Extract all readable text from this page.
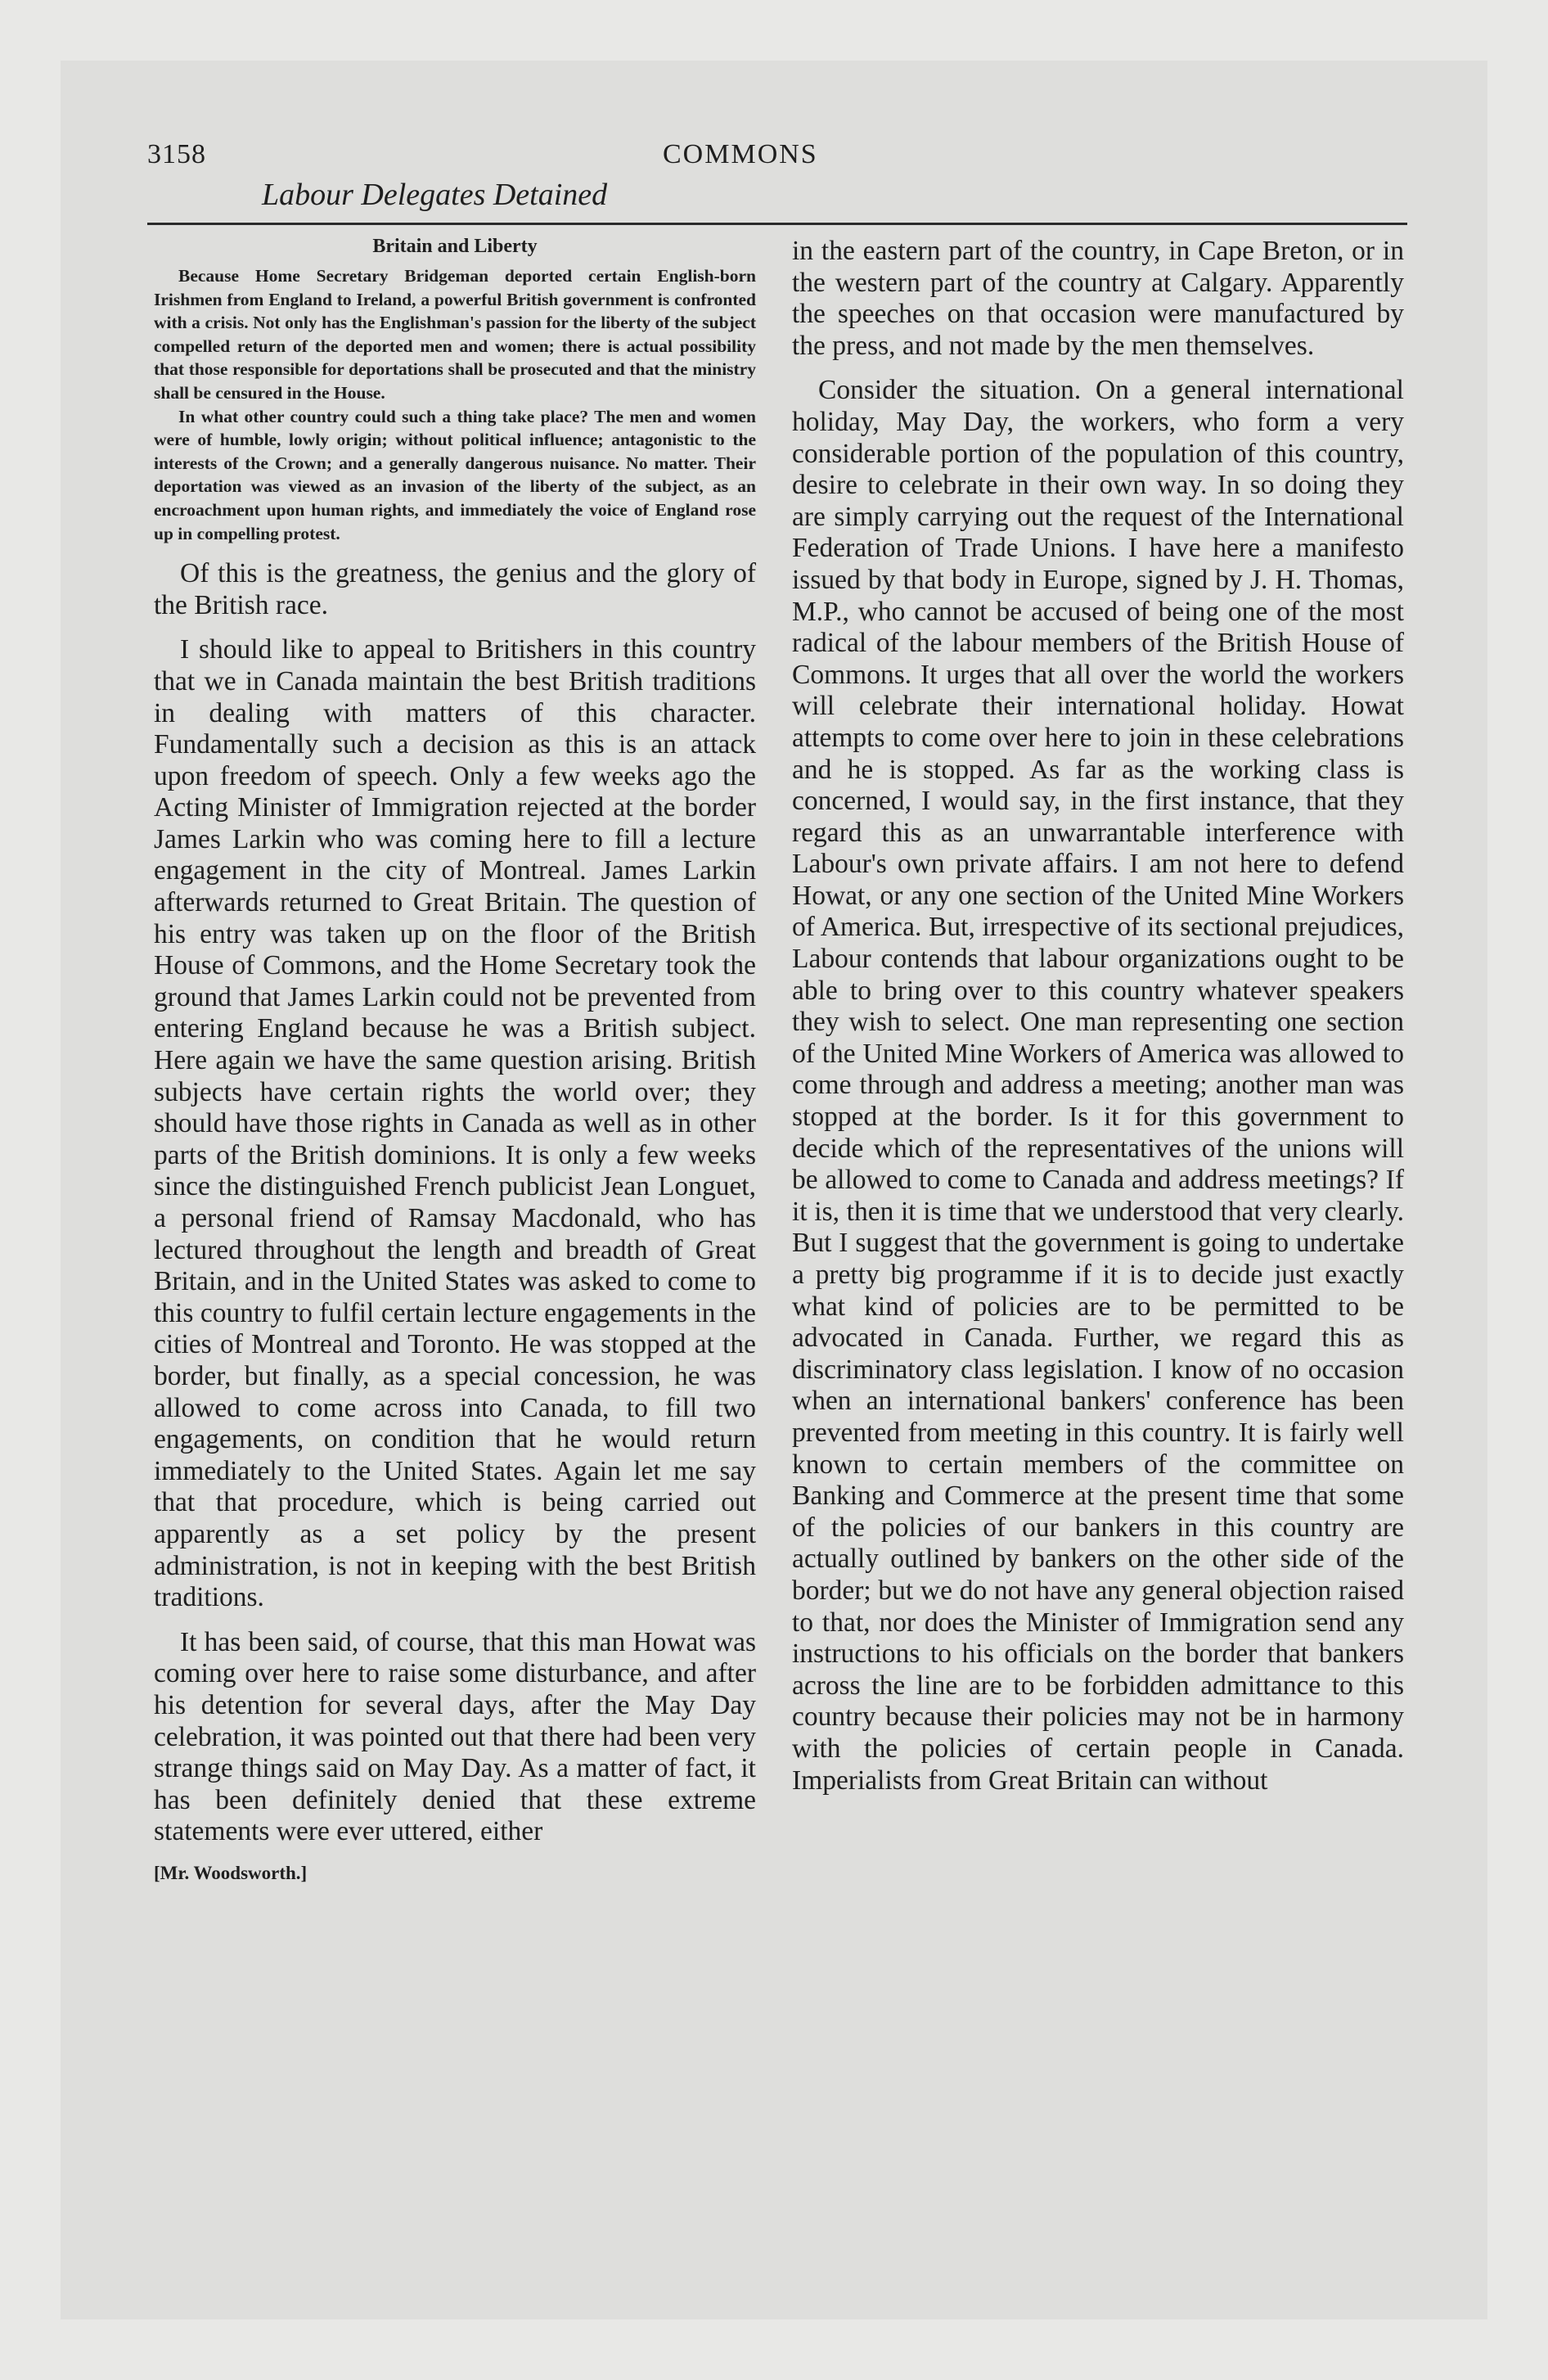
3158	COMMONS
Labour Delegates Detained
Britain and Liberty

Because Home Secretary Bridgeman deported certain English-born Irishmen from England to Ireland, a powerful British government is confronted with a crisis. Not only has the Englishman's passion for the liberty of the subject compelled return of the deported men and women; there is actual possibility that those responsible for deportations shall be prosecuted and that the ministry shall be censured in the House.

In what other country could such a thing take place? The men and women were of humble, lowly origin; without political influence; antagonistic to the interests of the Crown; and a generally dangerous nuisance. No matter. Their deportation was viewed as an invasion of the liberty of the subject, as an encroachment upon human rights, and immediately the voice of England rose up in compelling protest.

Of this is the greatness, the genius and the glory of the British race.

I should like to appeal to Britishers in this country that we in Canada maintain the best British traditions in dealing with matters of this character. Fundamentally such a decision as this is an attack upon freedom of speech. Only a few weeks ago the Acting Minister of Immigration rejected at the border James Larkin who was coming here to fill a lecture engagement in the city of Montreal. James Larkin afterwards returned to Great Britain. The question of his entry was taken up on the floor of the British House of Commons, and the Home Secretary took the ground that James Larkin could not be prevented from entering England because he was a British subject. Here again we have the same question arising. British subjects have certain rights the world over; they should have those rights in Canada as well as in other parts of the British dominions. It is only a few weeks since the distinguished French publicist Jean Longuet, a personal friend of Ramsay Macdonald, who has lectured throughout the length and breadth of Great Britain, and in the United States was asked to come to this country to fulfil certain lecture engagements in the cities of Montreal and Toronto. He was stopped at the border, but finally, as a special concession, he was allowed to come across into Canada, to fill two engagements, on condition that he would return immediately to the United States. Again let me say that that procedure, which is being carried out apparently as a set policy by the present administration, is not in keeping with the best British traditions.

It has been said, of course, that this man Howat was coming over here to raise some disturbance, and after his detention for several days, after the May Day celebration, it was pointed out that there had been very strange things said on May Day. As a matter of fact, it has been definitely denied that these extreme statements were ever uttered, either

[Mr. Woodsworth.]

in the eastern part of the country, in Cape Breton, or in the western part of the country at Calgary. Apparently the speeches on that occasion were manufactured by the press, and not made by the men themselves.

Consider the situation. On a general international holiday, May Day, the workers, who form a very considerable portion of the population of this country, desire to celebrate in their own way. In so doing they are simply carrying out the request of the International Federation of Trade Unions. I have here a manifesto issued by that body in Europe, signed by J. H. Thomas, M.P., who cannot be accused of being one of the most radical of the labour members of the British House of Commons. It urges that all over the world the workers will celebrate their international holiday. Howat attempts to come over here to join in these celebrations and he is stopped. As far as the working class is concerned, I would say, in the first instance, that they regard this as an unwarrantable interference with Labour's own private affairs. I am not here to defend Howat, or any one section of the United Mine Workers of America. But, irrespective of its sectional prejudices, Labour contends that labour organizations ought to be able to bring over to this country whatever speakers they wish to select. One man representing one section of the United Mine Workers of America was allowed to come through and address a meeting; another man was stopped at the border. Is it for this government to decide which of the representatives of the unions will be allowed to come to Canada and address meetings? If it is, then it is time that we understood that very clearly. But I suggest that the government is going to undertake a pretty big programme if it is to decide just exactly what kind of policies are to be permitted to be advocated in Canada. Further, we regard this as discriminatory class legislation. I know of no occasion when an international bankers' conference has been prevented from meeting in this country. It is fairly well known to certain members of the committee on Banking and Commerce at the present time that some of the policies of our bankers in this country are actually outlined by bankers on the other side of the border; but we do not have any general objection raised to that, nor does the Minister of Immigration send any instructions to his officials on the border that bankers across the line are to be forbidden admittance to this country because their policies may not be in harmony with the policies of certain people in Canada. Imperialists from Great Britain can without
